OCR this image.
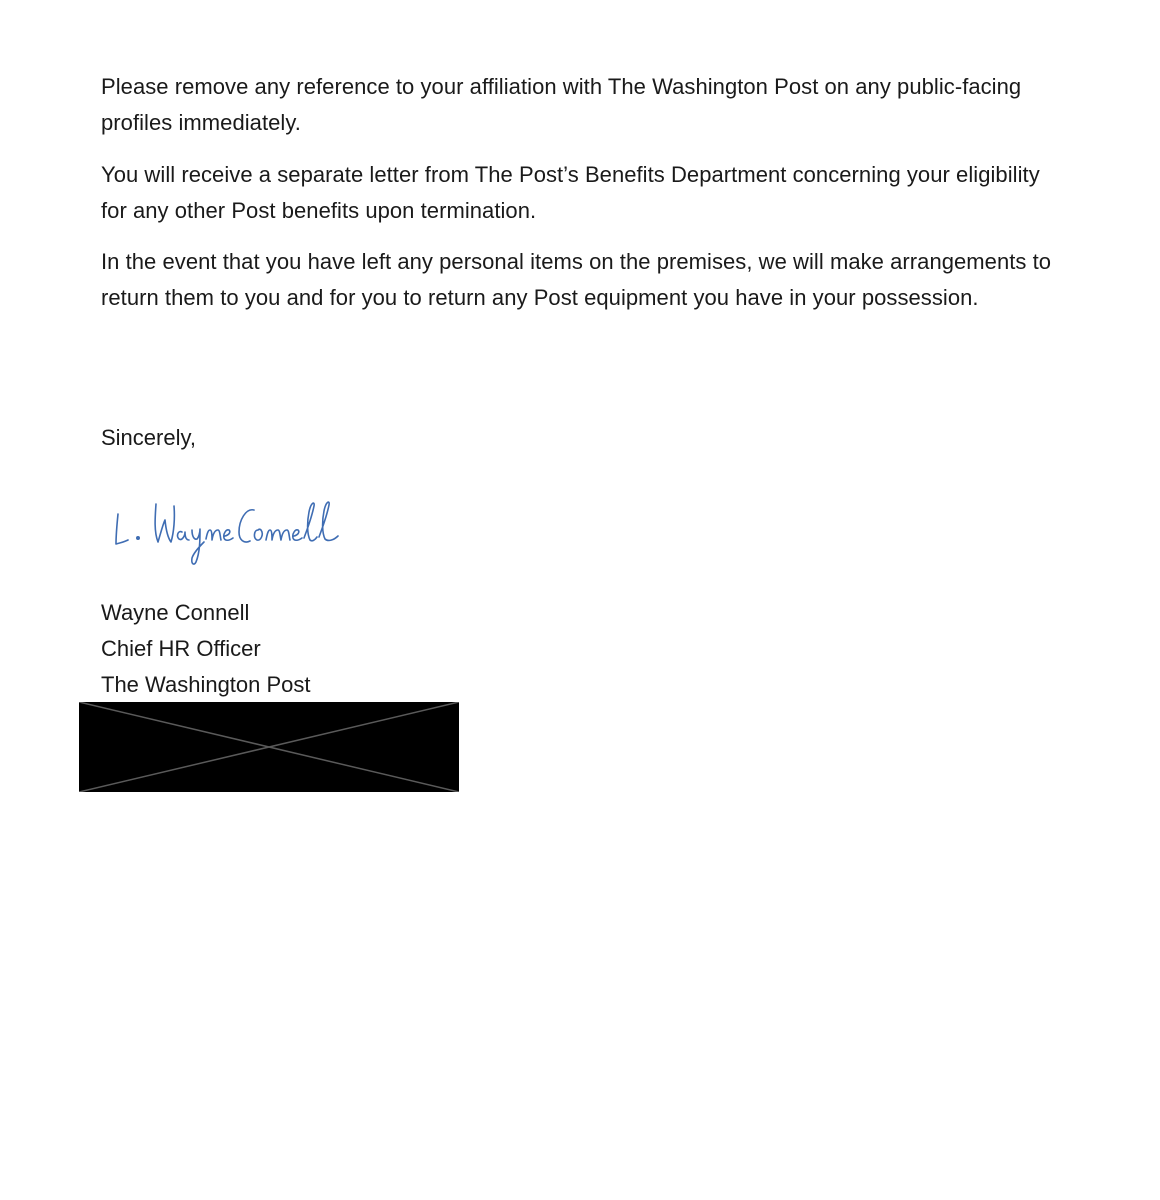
Please remove any reference to your affiliation with The Washington Post on any public-facing profiles immediately.

You will receive a separate letter from The Post’s Benefits Department concerning your eligibility for any other Post benefits upon termination.

In the event that you have left any personal items on the premises, we will make arrangements to return them to you and for you to return any Post equipment you have in your possession.

Sincerely,

Wayne Connell

Chief HR Officer

The Washington Post
